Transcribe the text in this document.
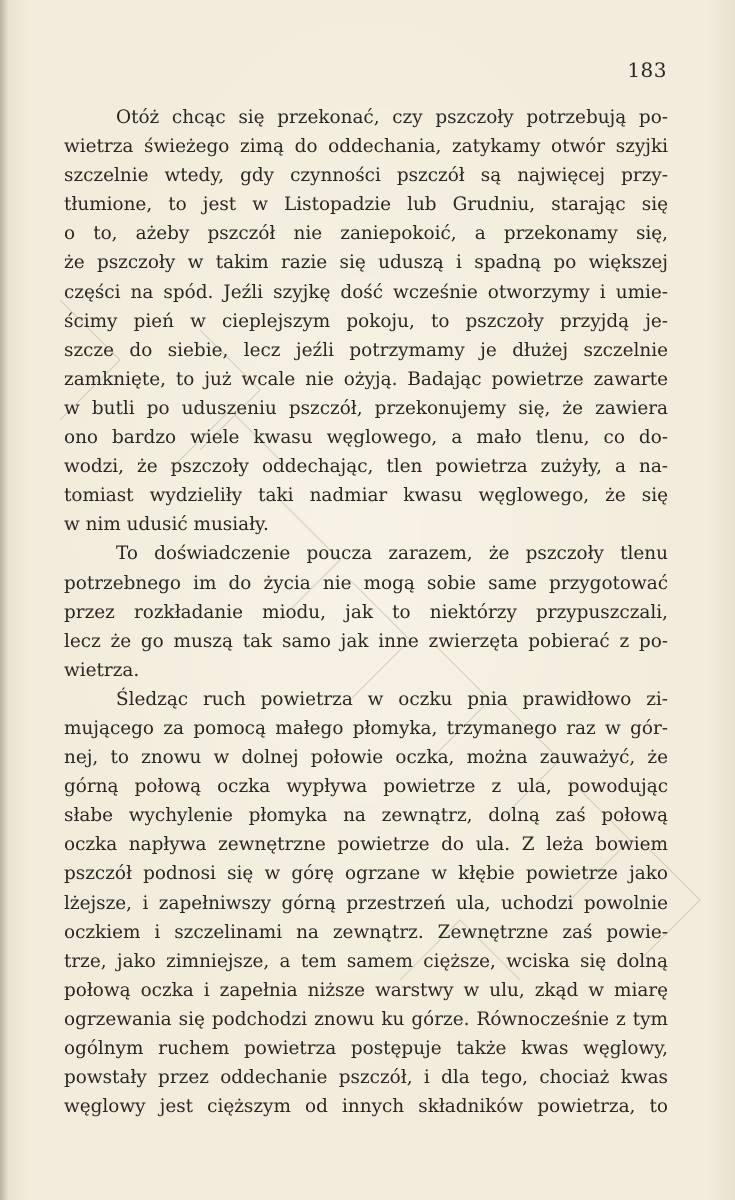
183
Otóż chcąc się przekonać, czy pszczoły potrzebują po-
wietrza świeżego zimą do oddechania, zatykamy otwór szyjki
szczelnie wtedy, gdy czynności pszczół są najwięcej przy-
tłumione, to jest w Listopadzie lub Grudniu, starając się
o to, ażeby pszczół nie zaniepokoić, a przekonamy się,
że pszczoły w takim razie się uduszą i spadną po większej
części na spód. Jeźli szyjkę dość wcześnie otworzymy i umie-
ścimy pień w cieplejszym pokoju, to pszczoły przyjdą je-
szcze do siebie, lecz jeźli potrzymamy je dłużej szczelnie
zamknięte, to już wcale nie ożyją. Badając powietrze zawarte
w butli po uduszeniu pszczół, przekonujemy się, że zawiera
ono bardzo wiele kwasu węglowego, a mało tlenu, co do-
wodzi, że pszczoły oddechając, tlen powietrza zużyły, a na-
tomiast wydzieliły taki nadmiar kwasu węglowego, że się
w nim udusić musiały.
To doświadczenie poucza zarazem, że pszczoły tlenu
potrzebnego im do życia nie mogą sobie same przygotować
przez rozkładanie miodu, jak to niektórzy przypuszczali,
lecz że go muszą tak samo jak inne zwierzęta pobierać z po-
wietrza.
Śledząc ruch powietrza w oczku pnia prawidłowo zi-
mującego za pomocą małego płomyka, trzymanego raz w gór-
nej, to znowu w dolnej połowie oczka, można zauważyć, że
górną połową oczka wypływa powietrze z ula, powodując
słabe wychylenie płomyka na zewnątrz, dolną zaś połową
oczka napływa zewnętrzne powietrze do ula. Z leża bowiem
pszczół podnosi się w górę ogrzane w kłębie powietrze jako
lżejsze, i zapełniwszy górną przestrzeń ula, uchodzi powolnie
oczkiem i szczelinami na zewnątrz. Zewnętrzne zaś powie-
trze, jako zimniejsze, a tem samem cięższe, wciska się dolną
połową oczka i zapełnia niższe warstwy w ulu, zkąd w miarę
ogrzewania się podchodzi znowu ku górze. Równocześnie z tym
ogólnym ruchem powietrza postępuje także kwas węglowy,
powstały przez oddechanie pszczół, i dla tego, chociaż kwas
węglowy jest cięższym od innych składników powietrza, to
